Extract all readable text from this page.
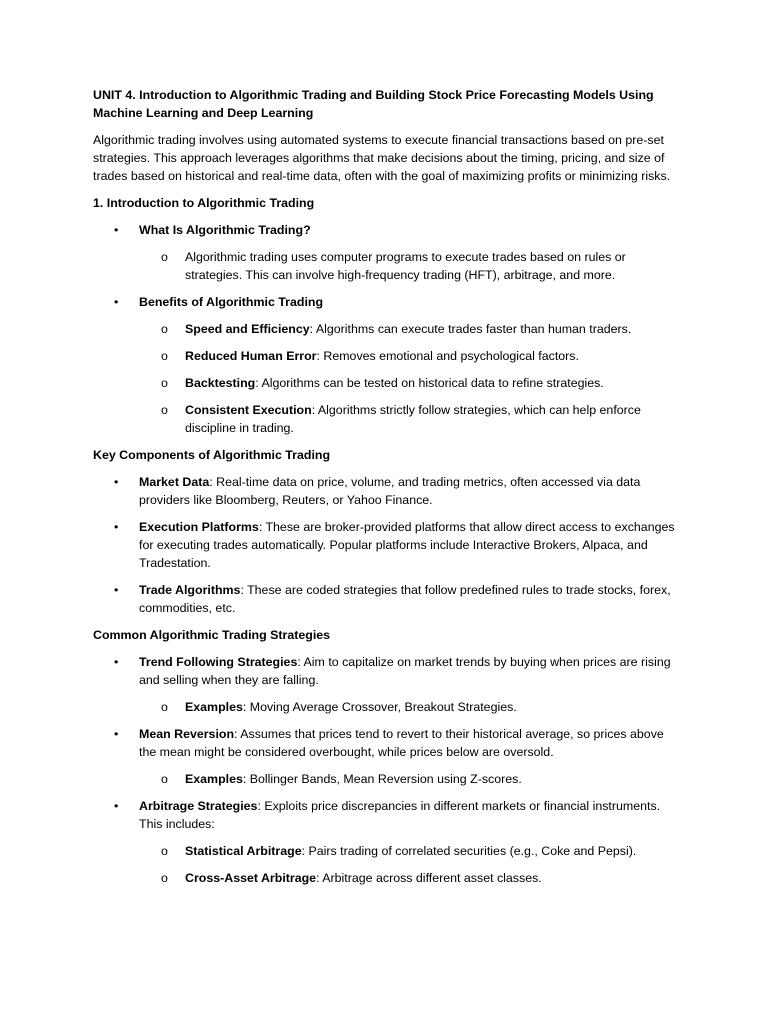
UNIT 4. Introduction to Algorithmic Trading and Building Stock Price Forecasting Models Using Machine Learning and Deep Learning

Algorithmic trading involves using automated systems to execute financial transactions based on pre-set strategies. This approach leverages algorithms that make decisions about the timing, pricing, and size of trades based on historical and real-time data, often with the goal of maximizing profits or minimizing risks.

1. Introduction to Algorithmic Trading

• What Is Algorithmic Trading?
o Algorithmic trading uses computer programs to execute trades based on rules or strategies. This can involve high-frequency trading (HFT), arbitrage, and more.
• Benefits of Algorithmic Trading
o Speed and Efficiency: Algorithms can execute trades faster than human traders.
o Reduced Human Error: Removes emotional and psychological factors.
o Backtesting: Algorithms can be tested on historical data to refine strategies.
o Consistent Execution: Algorithms strictly follow strategies, which can help enforce discipline in trading.

Key Components of Algorithmic Trading

• Market Data: Real-time data on price, volume, and trading metrics, often accessed via data providers like Bloomberg, Reuters, or Yahoo Finance.
• Execution Platforms: These are broker-provided platforms that allow direct access to exchanges for executing trades automatically. Popular platforms include Interactive Brokers, Alpaca, and Tradestation.
• Trade Algorithms: These are coded strategies that follow predefined rules to trade stocks, forex, commodities, etc.

Common Algorithmic Trading Strategies

• Trend Following Strategies: Aim to capitalize on market trends by buying when prices are rising and selling when they are falling.
o Examples: Moving Average Crossover, Breakout Strategies.
• Mean Reversion: Assumes that prices tend to revert to their historical average, so prices above the mean might be considered overbought, while prices below are oversold.
o Examples: Bollinger Bands, Mean Reversion using Z-scores.
• Arbitrage Strategies: Exploits price discrepancies in different markets or financial instruments. This includes:
o Statistical Arbitrage: Pairs trading of correlated securities (e.g., Coke and Pepsi).
o Cross-Asset Arbitrage: Arbitrage across different asset classes.
